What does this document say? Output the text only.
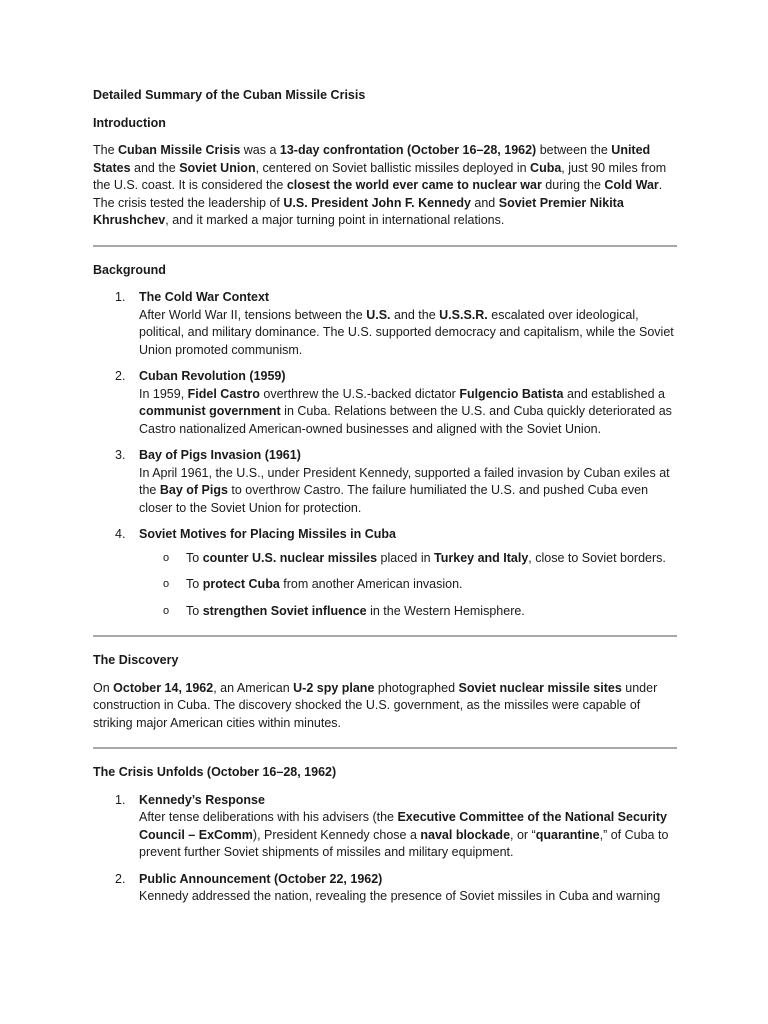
Detailed Summary of the Cuban Missile Crisis

Introduction

The Cuban Missile Crisis was a 13-day confrontation (October 16–28, 1962) between the United States and the Soviet Union, centered on Soviet ballistic missiles deployed in Cuba, just 90 miles from the U.S. coast. It is considered the closest the world ever came to nuclear war during the Cold War. The crisis tested the leadership of U.S. President John F. Kennedy and Soviet Premier Nikita Khrushchev, and it marked a major turning point in international relations.

Background

1. The Cold War Context
After World War II, tensions between the U.S. and the U.S.S.R. escalated over ideological, political, and military dominance. The U.S. supported democracy and capitalism, while the Soviet Union promoted communism.
2. Cuban Revolution (1959)
In 1959, Fidel Castro overthrew the U.S.-backed dictator Fulgencio Batista and established a communist government in Cuba. Relations between the U.S. and Cuba quickly deteriorated as Castro nationalized American-owned businesses and aligned with the Soviet Union.
3. Bay of Pigs Invasion (1961)
In April 1961, the U.S., under President Kennedy, supported a failed invasion by Cuban exiles at the Bay of Pigs to overthrow Castro. The failure humiliated the U.S. and pushed Cuba even closer to the Soviet Union for protection.
4. Soviet Motives for Placing Missiles in Cuba
o To counter U.S. nuclear missiles placed in Turkey and Italy, close to Soviet borders.
o To protect Cuba from another American invasion.
o To strengthen Soviet influence in the Western Hemisphere.

The Discovery

On October 14, 1962, an American U-2 spy plane photographed Soviet nuclear missile sites under construction in Cuba. The discovery shocked the U.S. government, as the missiles were capable of striking major American cities within minutes.

The Crisis Unfolds (October 16–28, 1962)

1. Kennedy’s Response
After tense deliberations with his advisers (the Executive Committee of the National Security Council – ExComm), President Kennedy chose a naval blockade, or “quarantine,” of Cuba to prevent further Soviet shipments of missiles and military equipment.
2. Public Announcement (October 22, 1962)
Kennedy addressed the nation, revealing the presence of Soviet missiles in Cuba and warning
